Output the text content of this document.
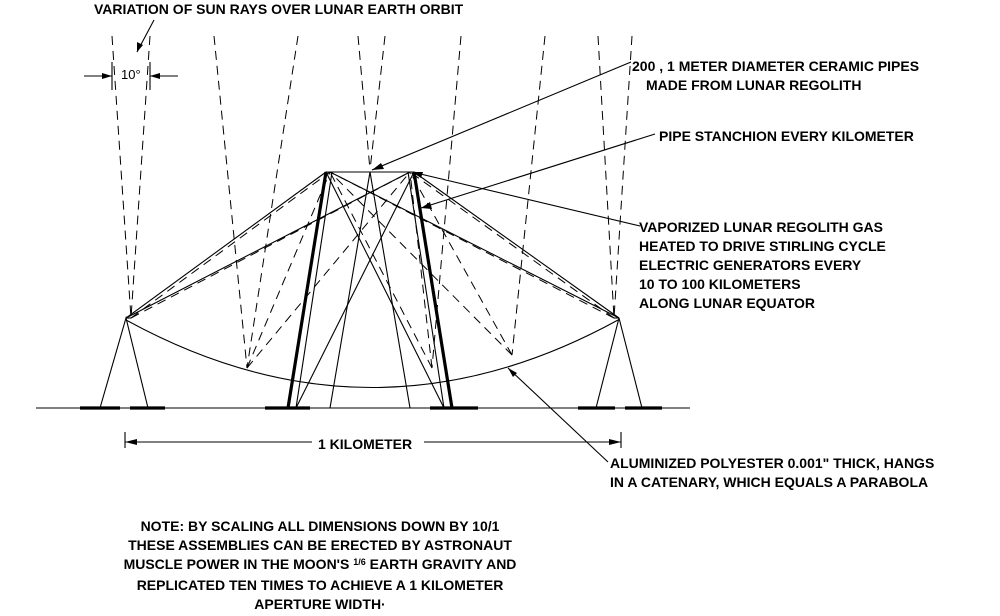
VARIATION OF SUN RAYS OVER LUNAR EARTH ORBIT
10°
200 , 1 METER DIAMETER CERAMIC PIPES
MADE FROM LUNAR REGOLITH
PIPE STANCHION EVERY KILOMETER
VAPORIZED LUNAR REGOLITH GAS
HEATED TO DRIVE STIRLING CYCLE
ELECTRIC GENERATORS EVERY
10 TO 100 KILOMETERS
ALONG LUNAR EQUATOR
1 KILOMETER
ALUMINIZED POLYESTER 0.001" THICK, HANGS
IN A CATENARY, WHICH EQUALS A PARABOLA
NOTE: BY SCALING ALL DIMENSIONS DOWN BY 10/1
THESE ASSEMBLIES CAN BE ERECTED BY ASTRONAUT
MUSCLE POWER IN THE MOON'S $^{1/6}$ EARTH GRAVITY AND
REPLICATED TEN TIMES TO ACHIEVE A 1 KILOMETER
APERTURE WIDTH·
